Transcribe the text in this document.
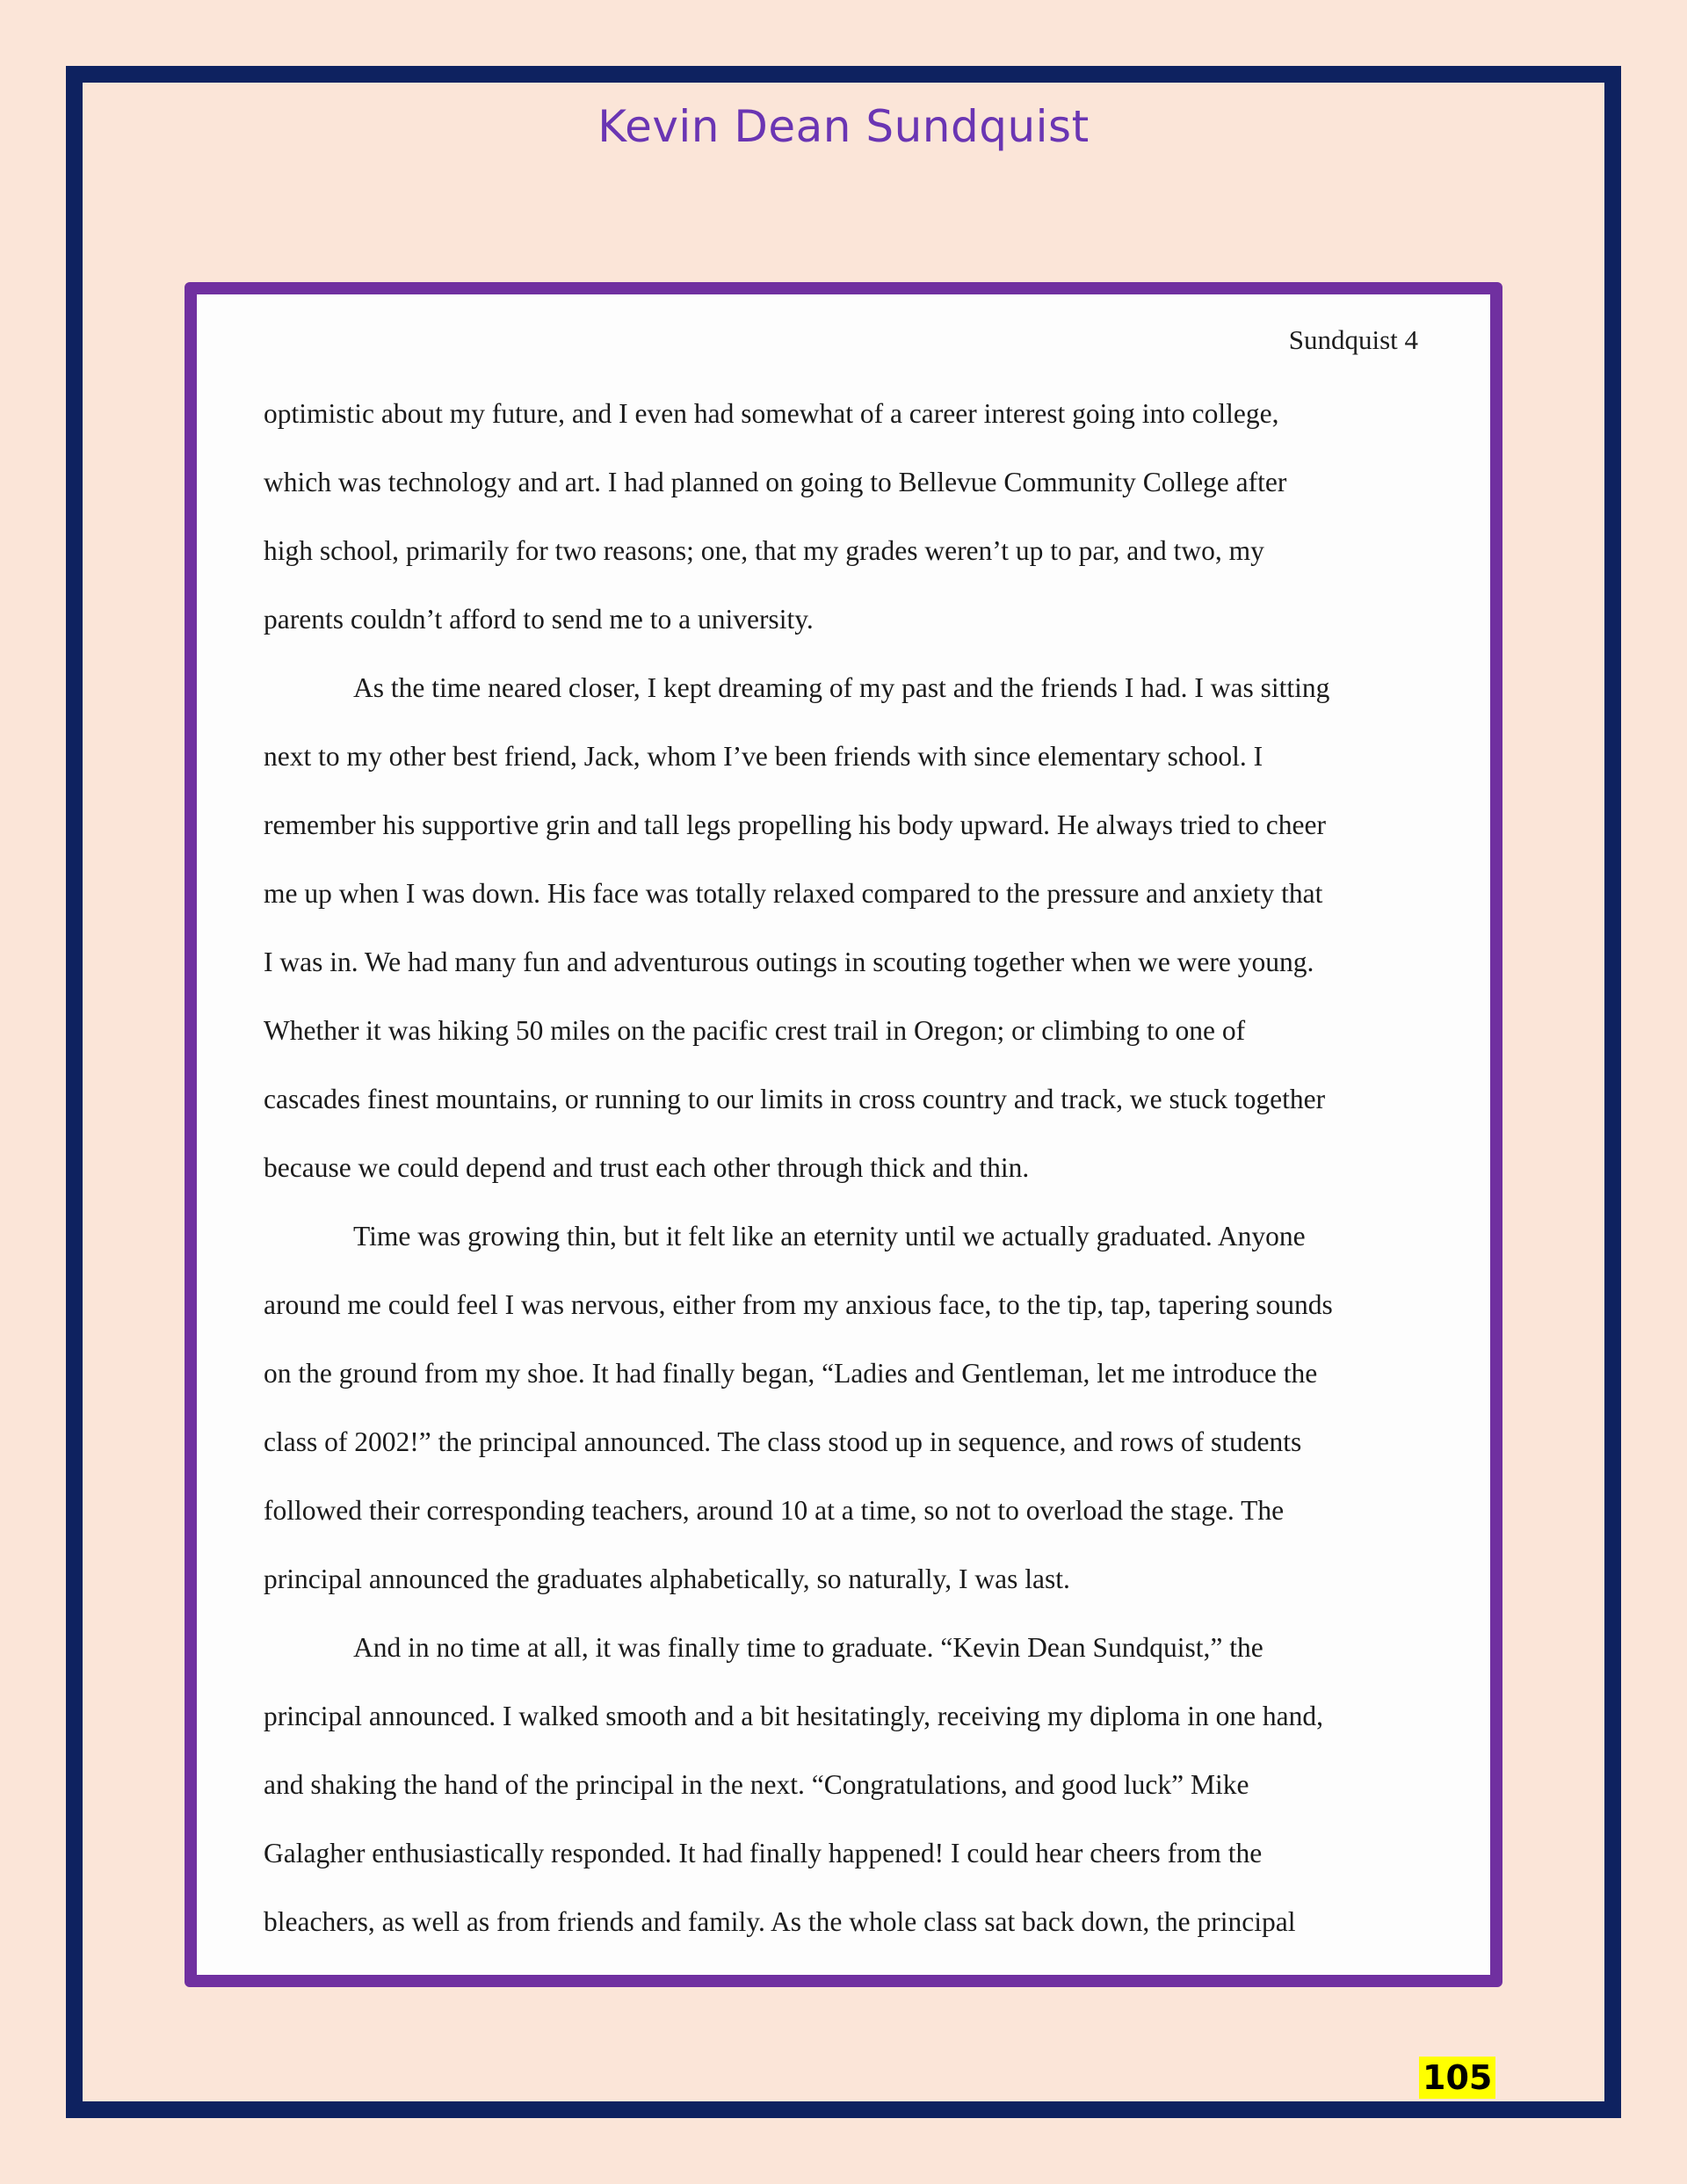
Kevin Dean Sundquist
Sundquist 4
optimistic about my future, and I even had somewhat of a career interest going into college,
which was technology and art. I had planned on going to Bellevue Community College after
high school, primarily for two reasons; one, that my grades weren’t up to par, and two, my
parents couldn’t afford to send me to a university.
As the time neared closer, I kept dreaming of my past and the friends I had. I was sitting
next to my other best friend, Jack, whom I’ve been friends with since elementary school. I
remember his supportive grin and tall legs propelling his body upward. He always tried to cheer
me up when I was down. His face was totally relaxed compared to the pressure and anxiety that
I was in. We had many fun and adventurous outings in scouting together when we were young.
Whether it was hiking 50 miles on the pacific crest trail in Oregon; or climbing to one of
cascades finest mountains, or running to our limits in cross country and track, we stuck together
because we could depend and trust each other through thick and thin.
Time was growing thin, but it felt like an eternity until we actually graduated. Anyone
around me could feel I was nervous, either from my anxious face, to the tip, tap, tapering sounds
on the ground from my shoe. It had finally began, “Ladies and Gentleman, let me introduce the
class of 2002!” the principal announced. The class stood up in sequence, and rows of students
followed their corresponding teachers, around 10 at a time, so not to overload the stage. The
principal announced the graduates alphabetically, so naturally, I was last.
And in no time at all, it was finally time to graduate. “Kevin Dean Sundquist,” the
principal announced. I walked smooth and a bit hesitatingly, receiving my diploma in one hand,
and shaking the hand of the principal in the next. “Congratulations, and good luck” Mike
Galagher enthusiastically responded. It had finally happened! I could hear cheers from the
bleachers, as well as from friends and family. As the whole class sat back down, the principal
105
